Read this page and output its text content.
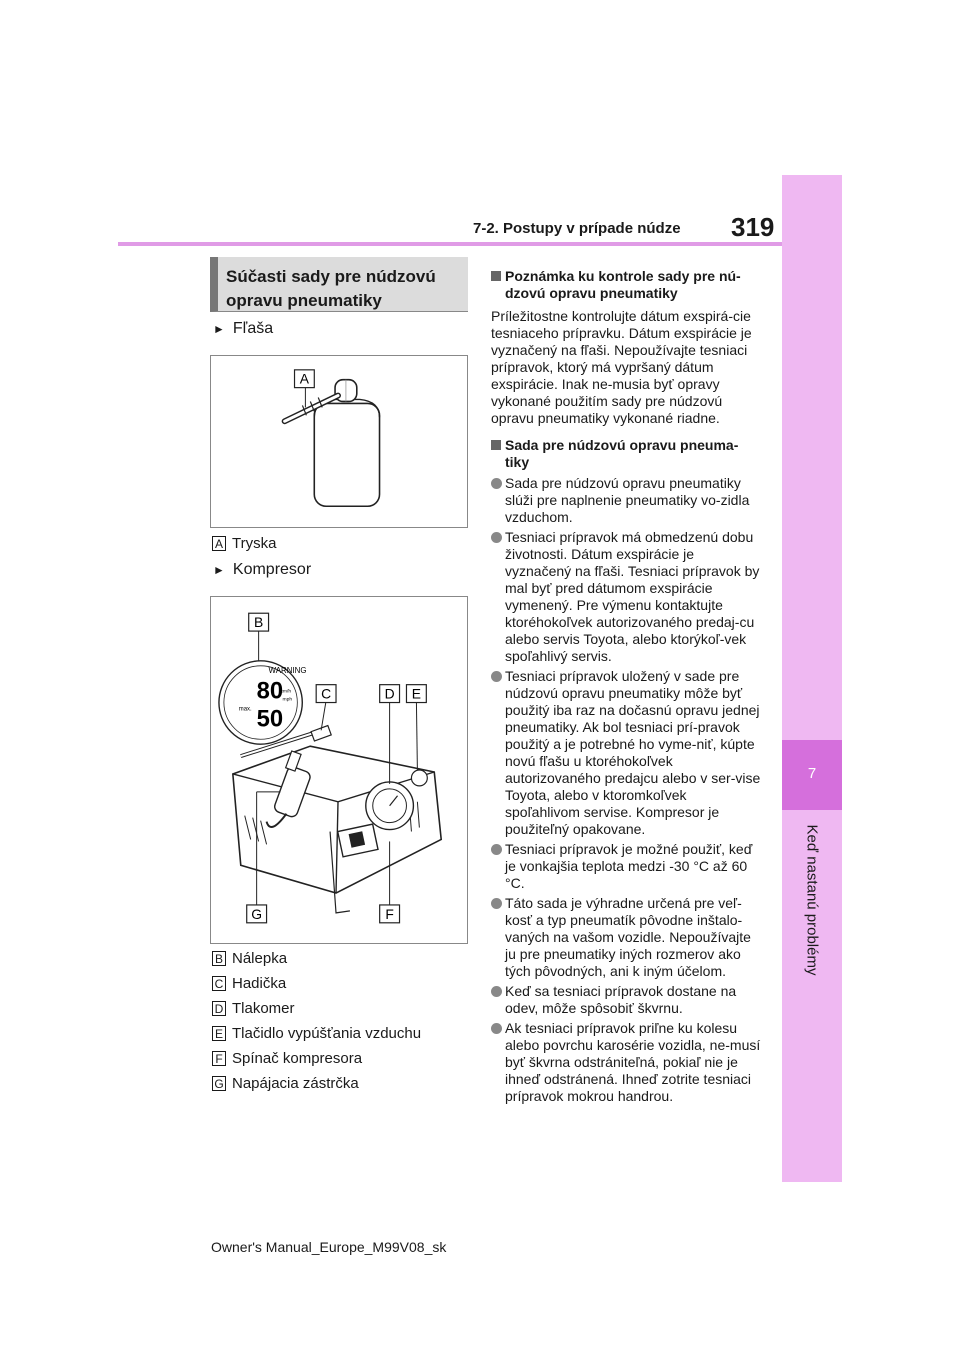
319
7-2. Postupy v prípade núdze
7
Keď nastanú problémy
Súčasti sady pre núdzovú
opravu pneumatiky
► Fľaša
A
A Tryska
► Kompresor
WARNING
80
50
km/h
mph
max.
B
C	D E
F
G
B Nálepka
C Hadička
D Tlakomer
E Tlačidlo vypúšťania vzduchu
F Spínač kompresora
G Napájacia zástrčka

Poznámka ku kontrole sady pre nú-dzovú opravu pneumatiky

Príležitostne kontrolujte dátum exspirá-cie tesniaceho prípravku. Dátum exspirácie je vyznačený na fľaši. Nepoužívajte tesniaci prípravok, ktorý má vypršaný dátum exspirácie. Inak ne-musia byť opravy vykonané použitím sady pre núdzovú opravu pneumatiky vykonané riadne.

Sada pre núdzovú opravu pneuma-tiky

Sada pre núdzovú opravu pneumatiky slúži pre naplnenie pneumatiky vo-zidla vzduchom.

Tesniaci prípravok má obmedzenú dobu životnosti. Dátum exspirácie je vyznačený na fľaši. Tesniaci prípravok by mal byť pred dátumom exspirácie vymenený. Pre výmenu kontaktujte ktoréhokoľvek autorizovaného predaj-cu alebo servis Toyota, alebo ktorýkoľ-vek spoľahlivý servis.

Tesniaci prípravok uložený v sade pre núdzovú opravu pneumatiky môže byť použitý iba raz na dočasnú opravu jednej pneumatiky. Ak bol tesniaci prí-pravok použitý a je potrebné ho vyme-niť, kúpte novú fľašu u ktoréhokoľvek autorizovaného predajcu alebo v ser-vise Toyota, alebo v ktoromkoľvek spoľahlivom servise. Kompresor je použiteľný opakovane.

Tesniaci prípravok je možné použiť, keď je vonkajšia teplota medzi -30 °C až 60 °C.

Táto sada je výhradne určená pre veľ-kosť a typ pneumatík pôvodne inštalo-vaných na vašom vozidle. Nepoužívajte ju pre pneumatiky iných rozmerov ako tých pôvodných, ani k iným účelom.

Keď sa tesniaci prípravok dostane na odev, môže spôsobiť škvrnu.

Ak tesniaci prípravok priľne ku kolesu alebo povrchu karosérie vozidla, ne-musí byť škvrna odstrániteľná, pokiaľ nie je ihneď odstránená. Ihneď zotrite tesniaci prípravok mokrou handrou.

Owner's Manual_Europe_M99V08_sk
